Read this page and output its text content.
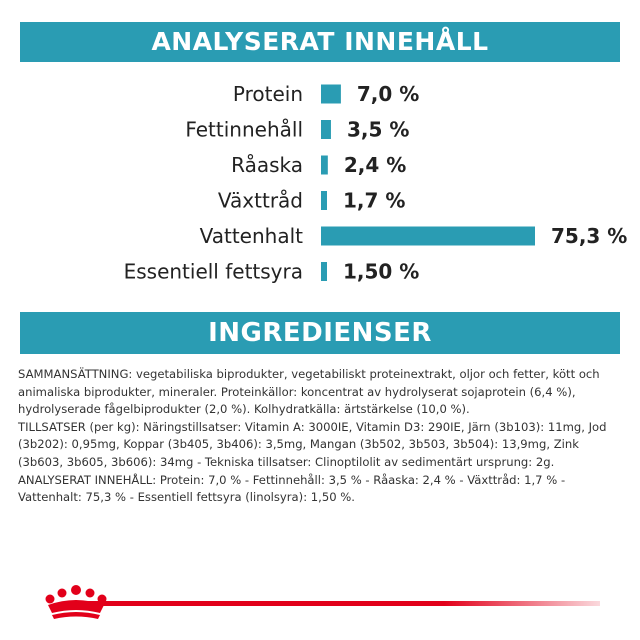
ANALYSERAT INNEHÅLL
Protein	7,0 %
Fettinnehåll 3,5 %
Råaska 2,4 %
Växttråd 1,7 %
Vattenhalt	75,3 %
Essentiell fettsyra 1,50 %
INGREDIENSER

SAMMANSÄTTNING: vegetabiliska biprodukter, vegetabiliskt proteinextrakt, oljor och fetter, kött och animaliska biprodukter, mineraler. Proteinkällor: koncentrat av hydrolyserat sojaprotein (6,4 %), hydrolyserade fågelbiprodukter (2,0 %). Kolhydratkälla: ärtstärkelse (10,0 %).

TILLSATSER (per kg): Näringstillsatser: Vitamin A: 3000IE, Vitamin D3: 290IE, Järn (3b103): 11mg, Jod (3b202): 0,95mg, Koppar (3b405, 3b406): 3,5mg, Mangan (3b502, 3b503, 3b504): 13,9mg, Zink (3b603, 3b605, 3b606): 34mg - Tekniska tillsatser: Clinoptilolit av sedimentärt ursprung: 2g.

ANALYSERAT INNEHÅLL: Protein: 7,0 % - Fettinnehåll: 3,5 % - Råaska: 2,4 % - Växttråd: 1,7 % - Vattenhalt: 75,3 % - Essentiell fettsyra (linolsyra): 1,50 %.
